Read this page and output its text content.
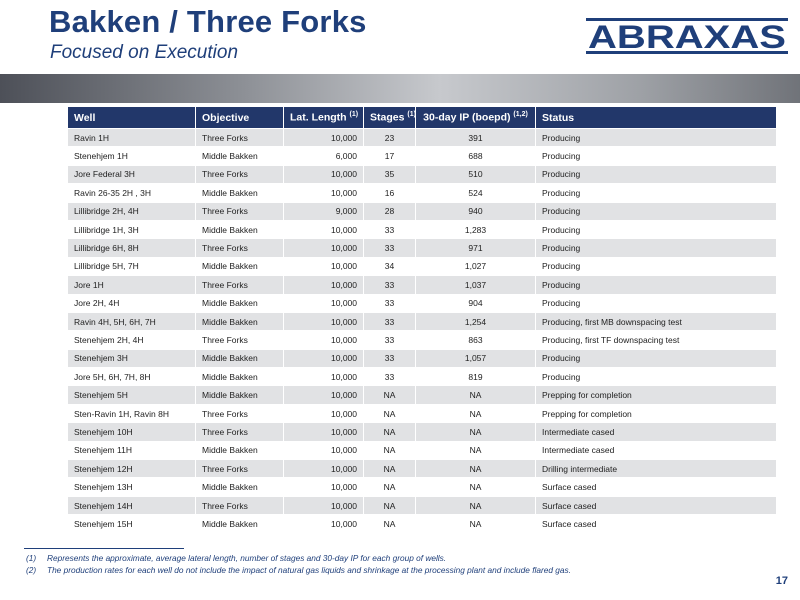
Bakken / Three Forks
Focused on Execution	ABRAXAS
Well	Objective	Lat. Length $^{(1)}$	Stages $^{(1)}$	30-day IP (boepd) $^{(1,2)}$	Status
Ravin 1H	Three Forks	10,000	23	391	Producing
Stenehjem 1H	Middle Bakken	6,000	17	688	Producing
Jore Federal 3H	Three Forks	10,000	35	510	Producing
Ravin 26-35 2H , 3H	Middle Bakken	10,000	16	524	Producing
Lillibridge 2H, 4H	Three Forks	9,000	28	940	Producing
Lillibridge 1H, 3H	Middle Bakken	10,000	33	1,283	Producing
Lillibridge 6H, 8H	Three Forks	10,000	33	971	Producing
Lillibridge 5H, 7H	Middle Bakken	10,000	34	1,027	Producing
Jore 1H	Three Forks	10,000	33	1,037	Producing
Jore 2H, 4H	Middle Bakken	10,000	33	904	Producing
Ravin 4H, 5H, 6H, 7H	Middle Bakken	10,000	33	1,254	Producing, first MB downspacing test
Stenehjem 2H, 4H	Three Forks	10,000	33	863	Producing, first TF downspacing test
Stenehjem 3H	Middle Bakken	10,000	33	1,057	Producing
Jore 5H, 6H, 7H, 8H	Middle Bakken	10,000	33	819	Producing
Stenehjem 5H	Middle Bakken	10,000	NA	NA	Prepping for completion
Sten-Ravin 1H, Ravin 8H	Three Forks	10,000	NA	NA	Prepping for completion
Stenehjem 10H	Three Forks	10,000	NA	NA	Intermediate cased
Stenehjem 11H	Middle Bakken	10,000	NA	NA	Intermediate cased
Stenehjem 12H	Three Forks	10,000	NA	NA	Drilling intermediate
Stenehjem 13H	Middle Bakken	10,000	NA	NA	Surface cased
Stenehjem 14H	Three Forks	10,000	NA	NA	Surface cased
Stenehjem 15H	Middle Bakken	10,000	NA	NA	Surface cased
(1) Represents the approximate, average lateral length, number of stages and 30-day IP for each group of wells.
(2) The production rates for each well do not include the impact of natural gas liquids and shrinkage at the processing plant and include flared gas.
17
